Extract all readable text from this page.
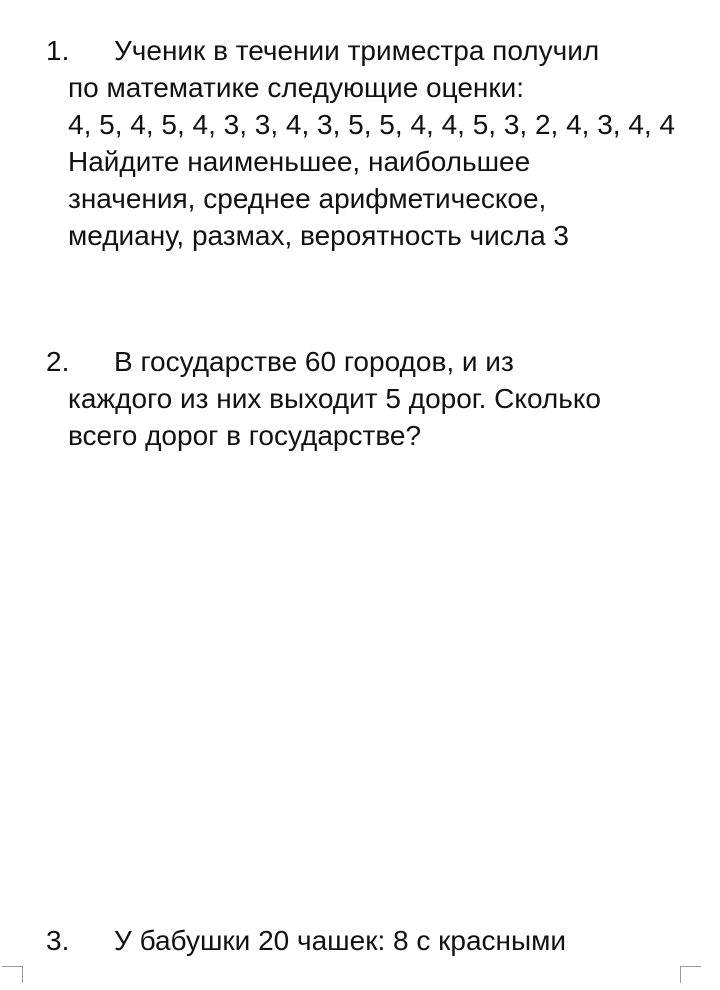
1. Ученик в течении триместра получил
по математике следующие оценки:
4, 5, 4, 5, 4, 3, 3, 4, 3, 5, 5, 4, 4, 5, 3, 2, 4, 3, 4, 4
Найдите наименьшее, наибольшее
значения, среднее арифметическое,
медиану, размах, вероятность числа 3
2. В государстве 60 городов, и из
каждого из них выходит 5 дорог. Сколько
всего дорог в государстве?
3. У бабушки 20 чашек: 8 с красными
